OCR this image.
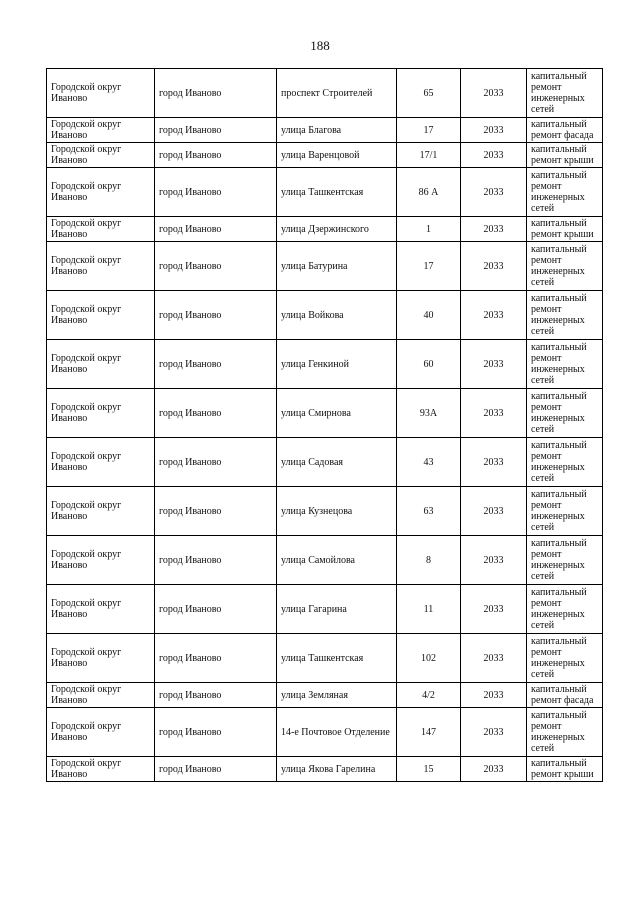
188
Городской округ Иваново	город Иваново	проспект Строителей	65	2033	капитальный ремонт инженерных сетей
Городской округ Иваново	город Иваново	улица Благова	17	2033	капитальный ремонт фасада
Городской округ Иваново	город Иваново	улица Варенцовой	17/1	2033	капитальный ремонт крыши
Городской округ Иваново	город Иваново	улица Ташкентская	86 А	2033	капитальный ремонт инженерных сетей
Городской округ Иваново	город Иваново	улица Дзержинского	1	2033	капитальный ремонт крыши
Городской округ Иваново	город Иваново	улица Батурина	17	2033	капитальный ремонт инженерных сетей
Городской округ Иваново	город Иваново	улица Войкова	40	2033	капитальный ремонт инженерных сетей
Городской округ Иваново	город Иваново	улица Генкиной	60	2033	капитальный ремонт инженерных сетей
Городской округ Иваново	город Иваново	улица Смирнова	93А	2033	капитальный ремонт инженерных сетей
Городской округ Иваново	город Иваново	улица Садовая	43	2033	капитальный ремонт инженерных сетей
Городской округ Иваново	город Иваново	улица Кузнецова	63	2033	капитальный ремонт инженерных сетей
Городской округ Иваново	город Иваново	улица Самойлова	8	2033	капитальный ремонт инженерных сетей
Городской округ Иваново	город Иваново	улица Гагарина	11	2033	капитальный ремонт инженерных сетей
Городской округ Иваново	город Иваново	улица Ташкентская	102	2033	капитальный ремонт инженерных сетей
Городской округ Иваново	город Иваново	улица Земляная	4/2	2033	капитальный ремонт фасада
Городской округ Иваново	город Иваново	14-е Почтовое Отделение	147	2033	капитальный ремонт инженерных сетей
Городской округ Иваново	город Иваново	улица Якова Гарелина	15	2033	капитальный ремонт крыши
